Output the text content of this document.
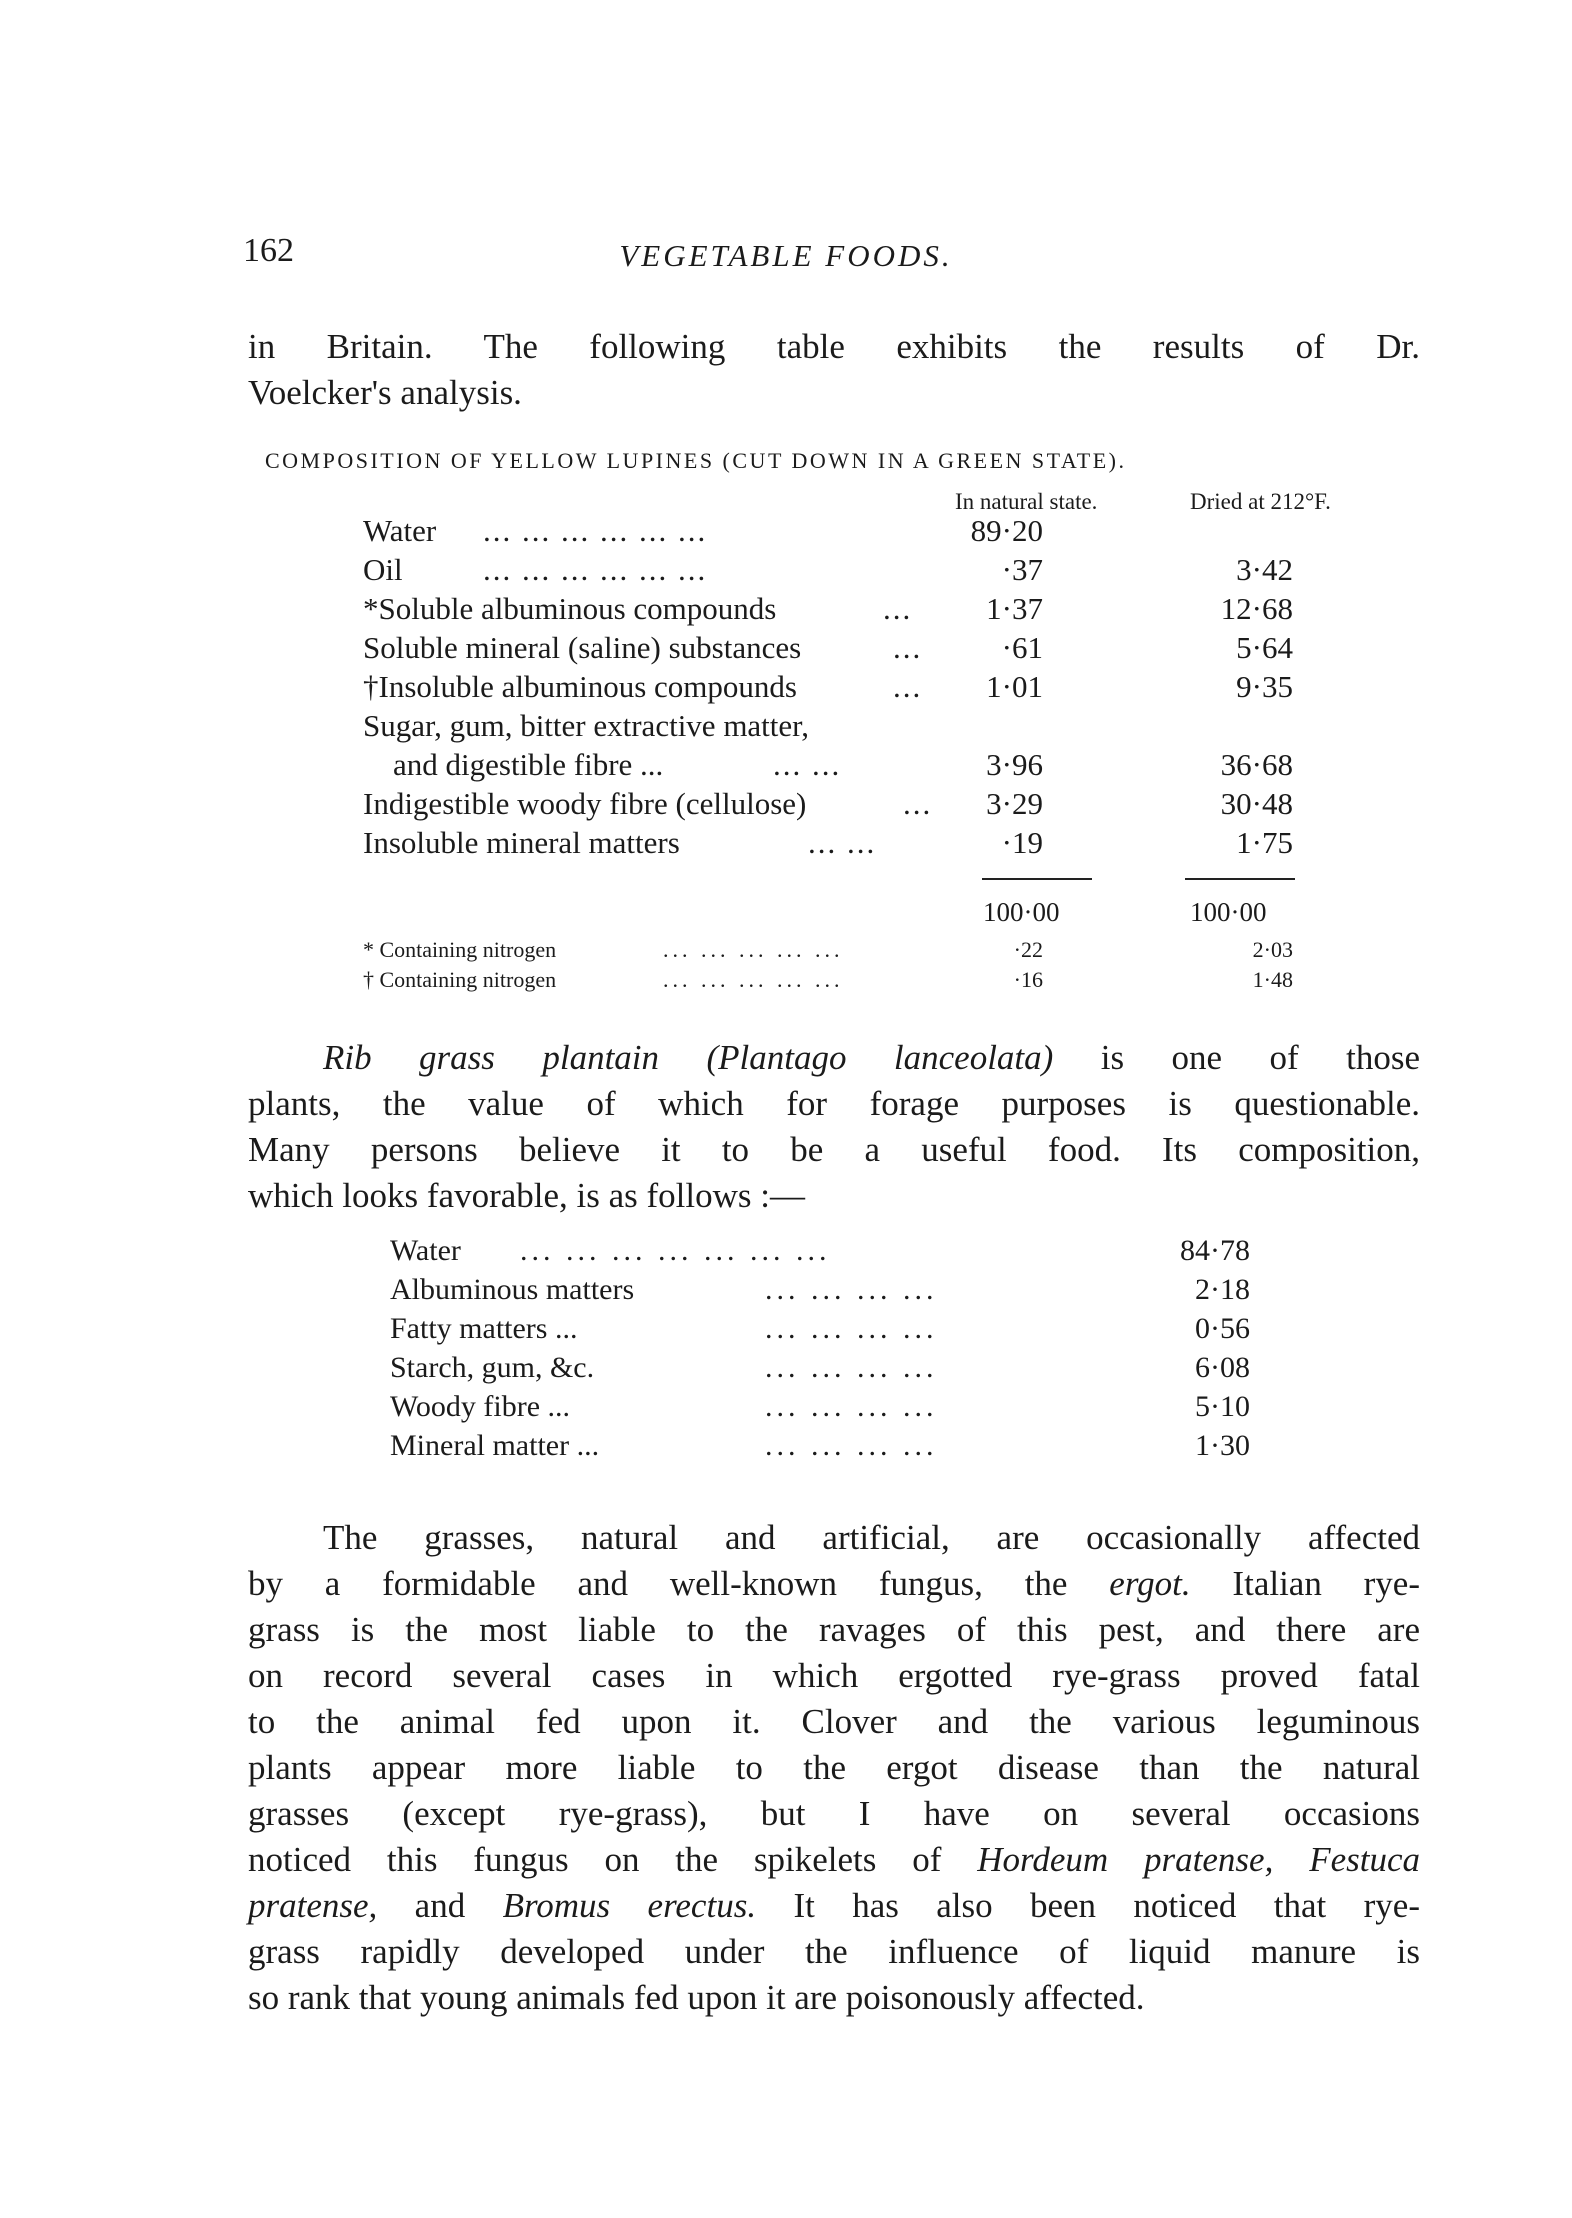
162	VEGETABLE FOODS.
in Britain. The following table exhibits the results of Dr.
Voelcker's analysis.
COMPOSITION OF YELLOW LUPINES (CUT DOWN IN A GREEN STATE).
In natural state.	Dried at 212°F.
Water ... ... ... ... ... ...	89·20
Oil	... ... ... ... ... ...	·37	3·42
*Soluble albuminous compounds	...	1·37	12·68
Soluble mineral (saline) substances	...	·61	5·64
†Insoluble albuminous compounds	...	1·01	9·35
Sugar, gum, bitter extractive matter,
and digestible fibre ...	... ...	3·96	36·68
Indigestible woody fibre (cellulose)	...	3·29	30·48
Insoluble mineral matters	... ...	·19	1·75
100·00	100·00
* Containing nitrogen	... ... ... ... ...	·22	2·03
† Containing nitrogen	... ... ... ... ...	·16	1·48
Rib grass plantain (Plantago lanceolata) is one of those
plants, the value of which for forage purposes is questionable.
Many persons believe it to be a useful food. Its composition,
which looks favorable, is as follows :—
Water ... ... ... ... ... ... ...	84·78
Albuminous matters	... ... ... ...	2·18
Fatty matters ...	... ... ... ...	0·56
Starch, gum, &c.	... ... ... ...	6·08
Woody fibre ...	... ... ... ...	5·10
Mineral matter ...	... ... ... ...	1·30
The grasses, natural and artificial, are occasionally affected
by a formidable and well-known fungus, the ergot. Italian rye-
grass is the most liable to the ravages of this pest, and there are
on record several cases in which ergotted rye-grass proved fatal
to the animal fed upon it. Clover and the various leguminous
plants appear more liable to the ergot disease than the natural
grasses (except rye-grass), but I have on several occasions
noticed this fungus on the spikelets of Hordeum pratense, Festuca
pratense, and Bromus erectus. It has also been noticed that rye-
grass rapidly developed under the influence of liquid manure is
so rank that young animals fed upon it are poisonously affected.
